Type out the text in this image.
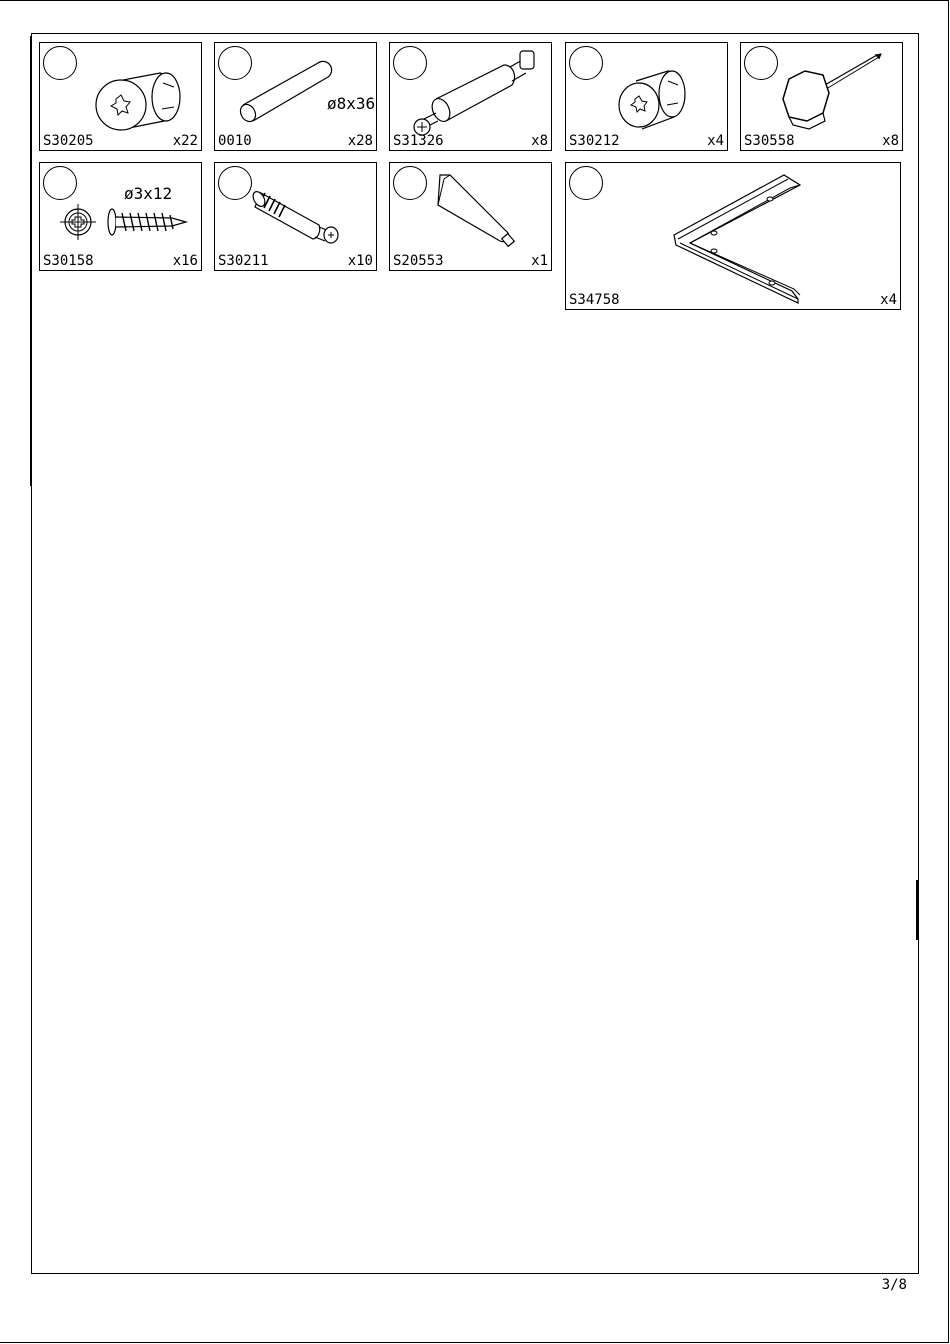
S30205	x22
ø8x36
0010	x28 S31326	x8 S30212	x4 S30558	x8
ø3x12
S30158	x16 S30211	x10 S20553	x1
S34758	x4
3/8
